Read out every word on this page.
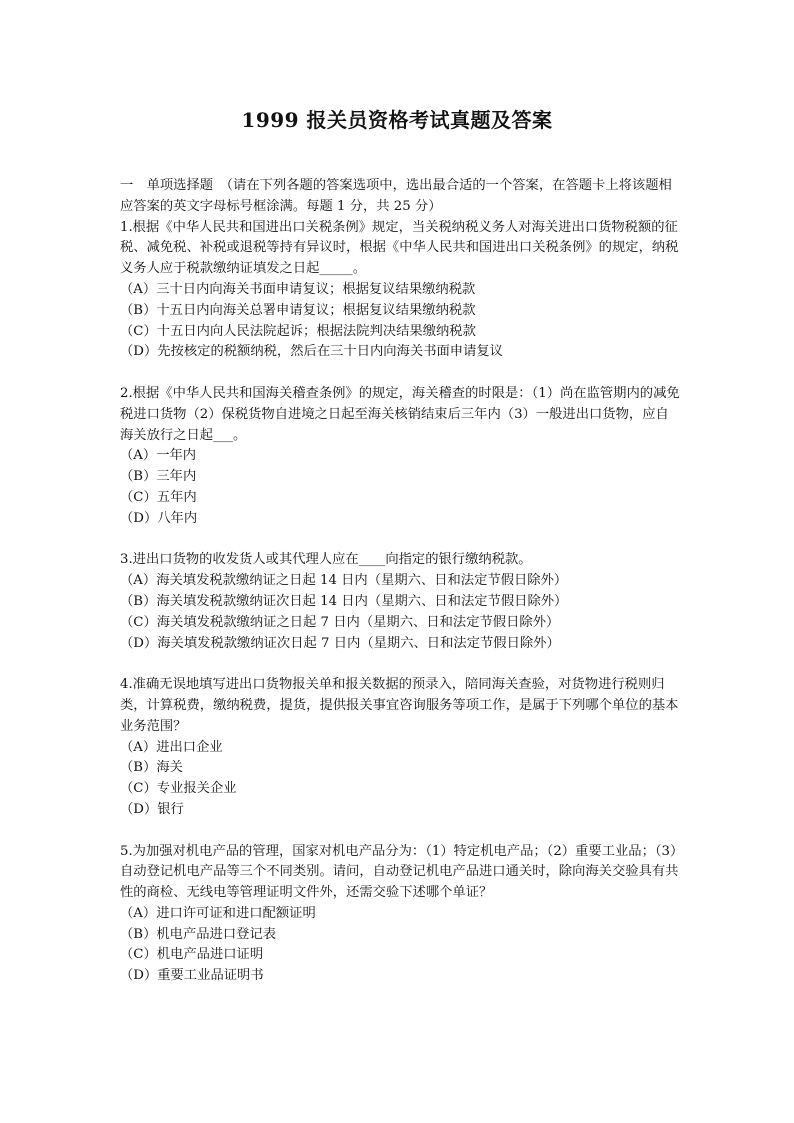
1999 报关员资格考试真题及答案

一　单项选择题　（请在下列各题的答案选项中，选出最合适的一个答案，在答题卡上将该题相应答案的英文字母标号框涂满。每题 1 分，共 25 分）

1.根据《中华人民共和国进出口关税条例》规定，当关税纳税义务人对海关进出口货物税额的征税、减免税、补税或退税等持有异议时，根据《中华人民共和国进出口关税条例》的规定，纳税义务人应于税款缴纳证填发之日起_____。

（A）三十日内向海关书面申请复议；根据复议结果缴纳税款

（B）十五日内向海关总署申请复议；根据复议结果缴纳税款

（C）十五日内向人民法院起诉；根据法院判决结果缴纳税款

（D）先按核定的税额纳税，然后在三十日内向海关书面申请复议

2.根据《中华人民共和国海关稽查条例》的规定，海关稽查的时限是：（1）尚在监管期内的减免税进口货物（2）保税货物自进境之日起至海关核销结束后三年内（3）一般进出口货物，应自海关放行之日起___。

（A）一年内

（B）三年内

（C）五年内

（D）八年内

3.进出口货物的收发货人或其代理人应在____向指定的银行缴纳税款。

（A）海关填发税款缴纳证之日起 14 日内（星期六、日和法定节假日除外）

（B）海关填发税款缴纳证次日起 14 日内（星期六、日和法定节假日除外）

（C）海关填发税款缴纳证之日起 7 日内（星期六、日和法定节假日除外）

（D）海关填发税款缴纳证次日起 7 日内（星期六、日和法定节假日除外）

4.准确无误地填写进出口货物报关单和报关数据的预录入，陪同海关查验，对货物进行税则归类，计算税费，缴纳税费，提货，提供报关事宜咨询服务等项工作，是属于下列哪个单位的基本业务范围？

（A）进出口企业

（B）海关

（C）专业报关企业

（D）银行

5.为加强对机电产品的管理，国家对机电产品分为：（1）特定机电产品；（2）重要工业品；（3）自动登记机电产品等三个不同类别。请问，自动登记机电产品进口通关时，除向海关交验具有共性的商检、无线电等管理证明文件外，还需交验下述哪个单证？

（A）进口许可证和进口配额证明

（B）机电产品进口登记表

（C）机电产品进口证明

（D）重要工业品证明书
